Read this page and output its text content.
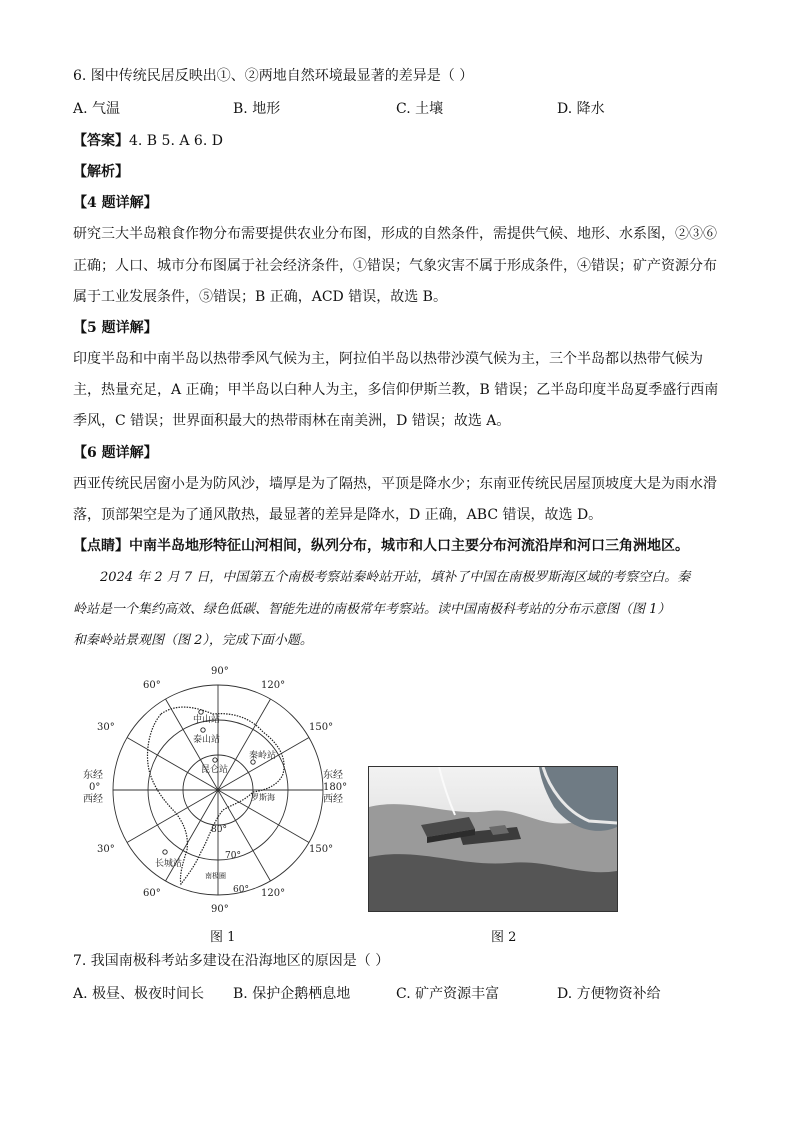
6. 图中传统民居反映出①、②两地自然环境最显著的差异是（ ）
A. 气温	B. 地形	C. 土壤	D. 降水
【答案】4. B 5. A 6. D
【解析】
【4 题详解】
研究三大半岛粮食作物分布需要提供农业分布图，形成的自然条件，需提供气候、地形、水系图，②③⑥
正确；人口、城市分布图属于社会经济条件，①错误；气象灾害不属于形成条件，④错误；矿产资源分布
属于工业发展条件，⑤错误；B 正确，ACD 错误，故选 B。
【5 题详解】
印度半岛和中南半岛以热带季风气候为主，阿拉伯半岛以热带沙漠气候为主，三个半岛都以热带气候为
主，热量充足，A 正确；甲半岛以白种人为主，多信仰伊斯兰教，B 错误；乙半岛印度半岛夏季盛行西南
季风，C 错误；世界面积最大的热带雨林在南美洲，D 错误；故选 A。
【6 题详解】
西亚传统民居窗小是为防风沙，墙厚是为了隔热，平顶是降水少；东南亚传统民居屋顶坡度大是为雨水滑
落，顶部架空是为了通风散热，最显著的差异是降水，D 正确，ABC 错误，故选 D。
【点睛】中南半岛地形特征山河相间，纵列分布，城市和人口主要分布河流沿岸和河口三角洲地区。
2024 年 2 月 7 日，中国第五个南极考察站秦岭站开站，填补了中国在南极罗斯海区域的考察空白。秦
岭站是一个集约高效、绿色低碳、智能先进的南极常年考察站。读中国南极科考站的分布示意图（图 1）
和秦岭站景观图（图 2），完成下面小题。
90°
60°	120°
30°	150°
东经
0°
西经
东经
180°
西经
30°	150°
60°	120°
90°
80°
70°
60°
中山站
泰山站
昆仑站
秦岭站
长城站
罗斯海
南极圈
图 1	图 2
7. 我国南极科考站多建设在沿海地区的原因是（ ）
A. 极昼、极夜时间长 B. 保护企鹅栖息地	C. 矿产资源丰富	D. 方便物资补给
